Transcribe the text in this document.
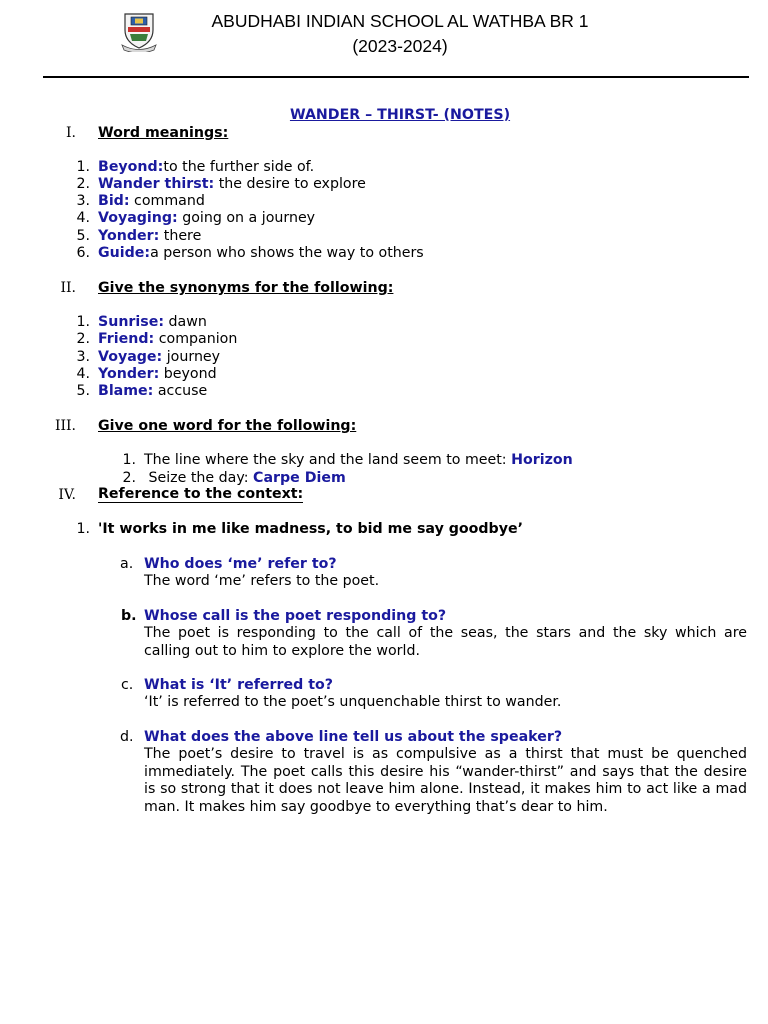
ABUDHABI INDIAN SCHOOL AL WATHBA BR 1
(2023-2024)
WANDER – THIRST- (NOTES)
I. Word meanings:
1. Beyond:to the further side of.
2. Wander thirst: the desire to explore
3. Bid: command
4. Voyaging: going on a journey
5. Yonder: there
6. Guide:a person who shows the way to others
II. Give the synonyms for the following:
1. Sunrise: dawn
2. Friend: companion
3. Voyage: journey
4. Yonder: beyond
5. Blame: accuse
III. Give one word for the following:
1. The line where the sky and the land seem to meet: Horizon
2. Seize the day: Carpe Diem
IV. Reference to the context:
1. 'It works in me like madness, to bid me say goodbye’
a. Who does ‘me’ refer to?
The word ‘me’ refers to the poet.
b. Whose call is the poet responding to?
The poet is responding to the call of the seas, the stars and the sky which are calling out to him to explore the world.
c. What is ‘It’ referred to?
‘It’ is referred to the poet’s unquenchable thirst to wander.
d. What does the above line tell us about the speaker?
The poet’s desire to travel is as compulsive as a thirst that must be quenched immediately. The poet calls this desire his “wander-thirst” and says that the desire is so strong that it does not leave him alone. Instead, it makes him to act like a mad man. It makes him say goodbye to everything that’s dear to him.
